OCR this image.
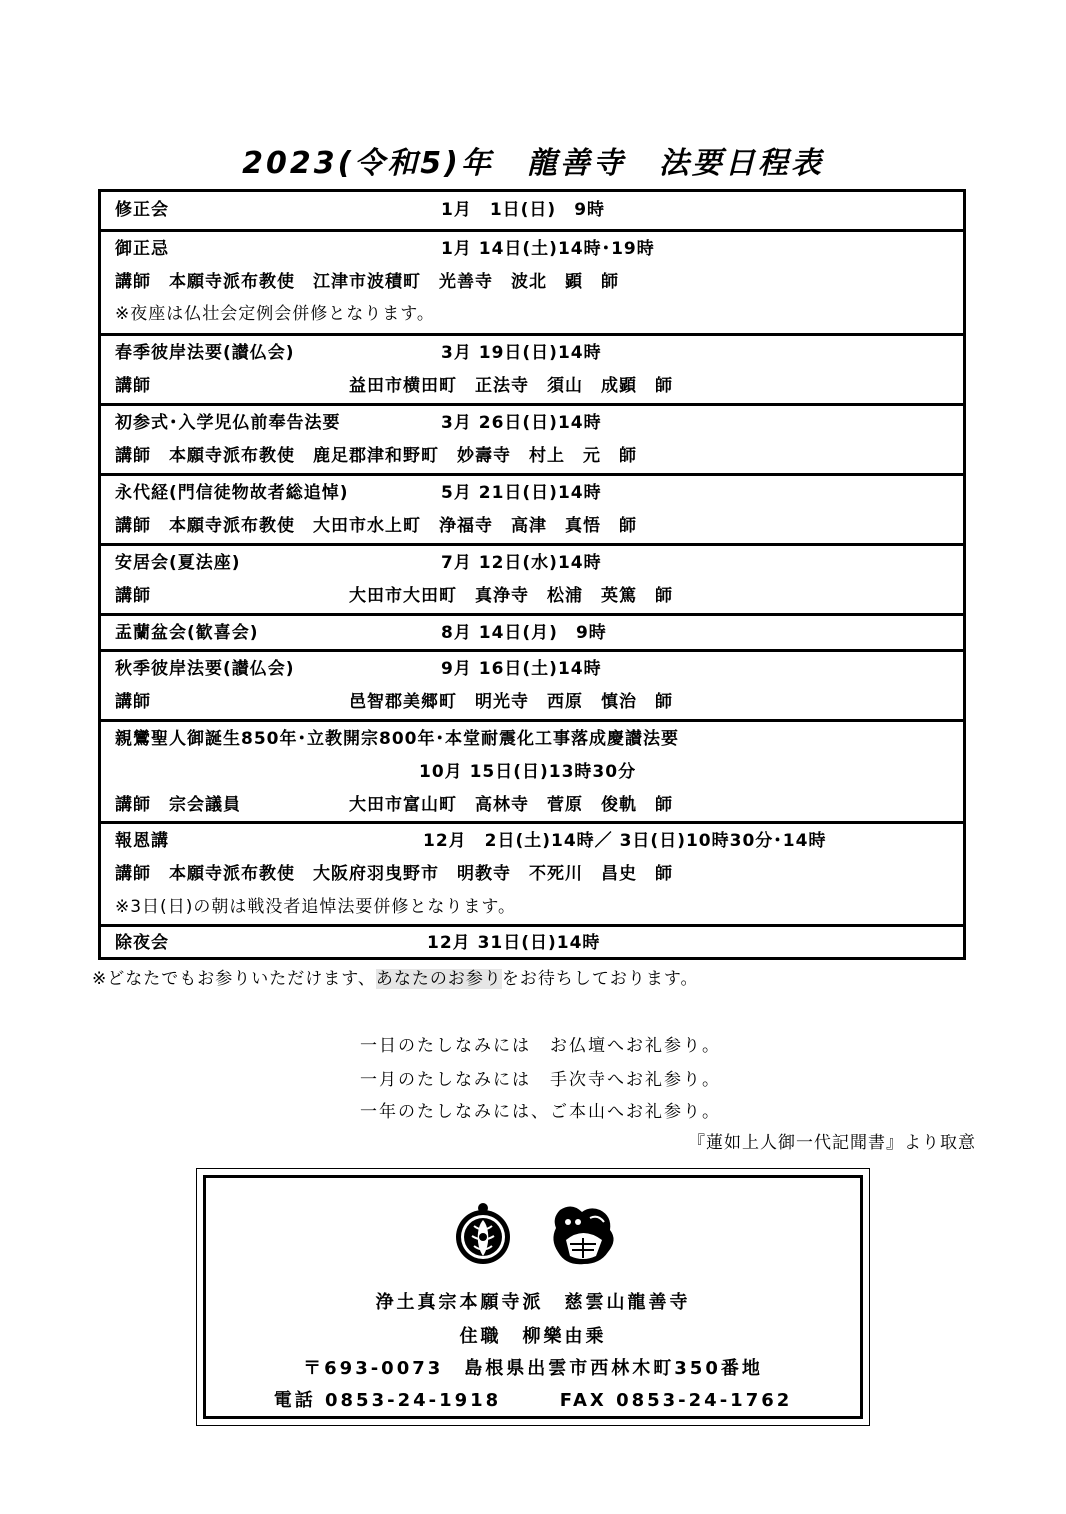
2023(令和5)年　龍善寺　法要日程表
修正会	1月　1日(日)　9時
御正忌	1月 14日(土)14時･19時
講師　本願寺派布教使　江津市波積町　光善寺　波北　顕　師
※夜座は仏壮会定例会併修となります。
春季彼岸法要(讃仏会)	3月 19日(日)14時
講師	益田市横田町　正法寺　須山　成顕　師
初参式･入学児仏前奉告法要	3月 26日(日)14時
講師　本願寺派布教使　鹿足郡津和野町　妙壽寺　村上　元　師
永代経(門信徒物故者総追悼)	5月 21日(日)14時
講師　本願寺派布教使　大田市水上町　浄福寺　高津　真悟　師
安居会(夏法座)	7月 12日(水)14時
講師	大田市大田町　真浄寺　松浦　英篤　師
盂蘭盆会(歓喜会)	8月 14日(月)　9時
秋季彼岸法要(讃仏会)	9月 16日(土)14時
講師	邑智郡美郷町　明光寺　西原　慎治　師
親鸞聖人御誕生850年･立教開宗800年･本堂耐震化工事落成慶讃法要
10月 15日(日)13時30分
講師　宗会議員	大田市富山町　高林寺　菅原　俊軌　師
報恩講	12月　2日(土)14時／ 3日(日)10時30分･14時
講師　本願寺派布教使　大阪府羽曳野市　明教寺　不死川　昌史　師
※3日(日)の朝は戦没者追悼法要併修となります。
除夜会	12月 31日(日)14時
※どなたでもお参りいただけます、あなたのお参りをお待ちしております。
一日のたしなみには　お仏壇へお礼参り。
一月のたしなみには　手次寺へお礼参り。
一年のたしなみには、ご本山へお礼参り。
『蓮如上人御一代記聞書』より取意
浄土真宗本願寺派　慈雲山龍善寺
住職　柳樂由乗
〒693-0073　島根県出雲市西林木町350番地
電話 0853-24-1918	FAX 0853-24-1762
